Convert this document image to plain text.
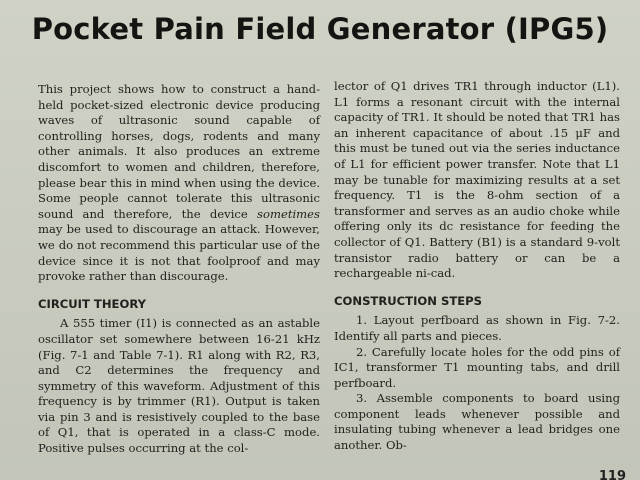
Pocket Pain Field Generator (IPG5)

This project shows how to construct a hand-held pocket-sized electronic device producing waves of ultrasonic sound capable of controlling horses, dogs, rodents and many other animals. It also produces an extreme discomfort to women and children, therefore, please bear this in mind when using the device. Some people cannot tolerate this ultrasonic sound and therefore, the device sometimes may be used to discourage an attack. However, we do not recommend this particular use of the device since it is not that foolproof and may provoke rather than discourage.

CIRCUIT THEORY

A 555 timer (I1) is connected as an astable oscillator set somewhere between 16-21 kHz (Fig. 7-1 and Table 7-1). R1 along with R2, R3, and C2 determines the frequency and symmetry of this waveform. Adjustment of this frequency is by trimmer (R1). Output is taken via pin 3 and is resistively coupled to the base of Q1, that is operated in a class-C mode. Positive pulses occurring at the col-

lector of Q1 drives TR1 through inductor (L1). L1 forms a resonant circuit with the internal capacity of TR1. It should be noted that TR1 has an inherent capacitance of about .15 μF and this must be tuned out via the series inductance of L1 for efficient power transfer. Note that L1 may be tunable for maximizing results at a set frequency. T1 is the 8-ohm section of a transformer and serves as an audio choke while offering only its dc resistance for feeding the collector of Q1. Battery (B1) is a standard 9-volt transistor radio battery or can be a rechargeable ni-cad.

CONSTRUCTION STEPS

1. Layout perfboard as shown in Fig. 7-2. Identify all parts and pieces.

2. Carefully locate holes for the odd pins of IC1, transformer T1 mounting tabs, and drill perfboard.

3. Assemble components to board using component leads whenever possible and insulating tubing whenever a lead bridges one another. Ob-

119
